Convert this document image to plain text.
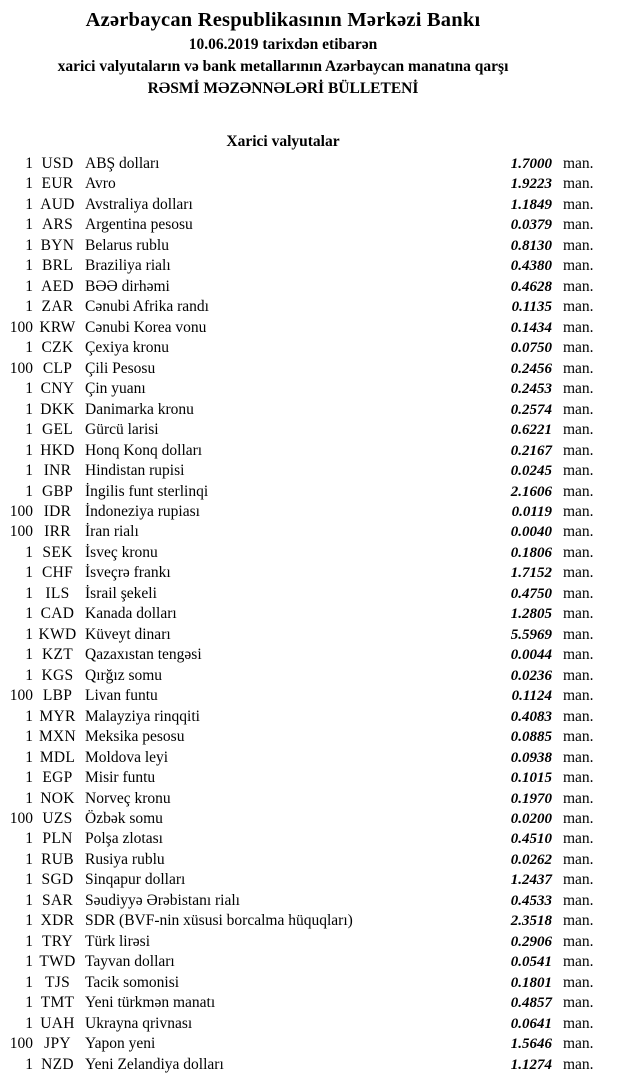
Azərbaycan Respublikasının Mərkəzi Bankı
10.06.2019 tarixdən etibarən
xarici valyutaların və bank metallarının Azərbaycan manatına qarşı
RƏSMİ MƏZƏNNƏLƏRİ BÜLLETENİ
Xarici valyutalar
1 USD ABŞ dolları	1.7000 man.
1 EUR Avro	1.9223 man.
1 AUD Avstraliya dolları	1.1849 man.
1 ARS Argentina pesosu	0.0379 man.
1 BYN Belarus rublu	0.8130 man.
1 BRL Braziliya rialı	0.4380 man.
1 AED BƏƏ dirhəmi	0.4628 man.
1 ZAR Cənubi Afrika randı	0.1135 man.
100 KRW Cənubi Korea vonu	0.1434 man.
1 CZK Çexiya kronu	0.0750 man.
100 CLP Çili Pesosu	0.2456 man.
1 CNY Çin yuanı	0.2453 man.
1 DKK Danimarka kronu	0.2574 man.
1 GEL Gürcü larisi	0.6221 man.
1 HKD Honq Konq dolları	0.2167 man.
1 INR Hindistan rupisi	0.0245 man.
1 GBP İngilis funt sterlinqi	2.1606 man.
100 IDR İndoneziya rupiası	0.0119 man.
100 IRR İran rialı	0.0040 man.
1 SEK İsveç kronu	0.1806 man.
1 CHF İsveçrə frankı	1.7152 man.
1 ILS İsrail şekeli	0.4750 man.
1 CAD Kanada dolları	1.2805 man.
1 KWD Küveyt dinarı	5.5969 man.
1 KZT Qazaxıstan tengəsi	0.0044 man.
1 KGS Qırğız somu	0.0236 man.
100 LBP Livan funtu	0.1124 man.
1 MYR Malayziya rinqqiti	0.4083 man.
1 MXN Meksika pesosu	0.0885 man.
1 MDL Moldova leyi	0.0938 man.
1 EGP Misir funtu	0.1015 man.
1 NOK Norveç kronu	0.1970 man.
100 UZS Özbək somu	0.0200 man.
1 PLN Polşa zlotası	0.4510 man.
1 RUB Rusiya rublu	0.0262 man.
1 SGD Sinqapur dolları	1.2437 man.
1 SAR Səudiyyə Ərəbistanı rialı	0.4533 man.
1 XDR SDR (BVF-nin xüsusi borcalma hüquqları)	2.3518 man.
1 TRY Türk lirəsi	0.2906 man.
1 TWD Tayvan dolları	0.0541 man.
1 TJS Tacik somonisi	0.1801 man.
1 TMT Yeni türkmən manatı	0.4857 man.
1 UAH Ukrayna qrivnası	0.0641 man.
100 JPY Yapon yeni	1.5646 man.
1 NZD Yeni Zelandiya dolları	1.1274 man.
